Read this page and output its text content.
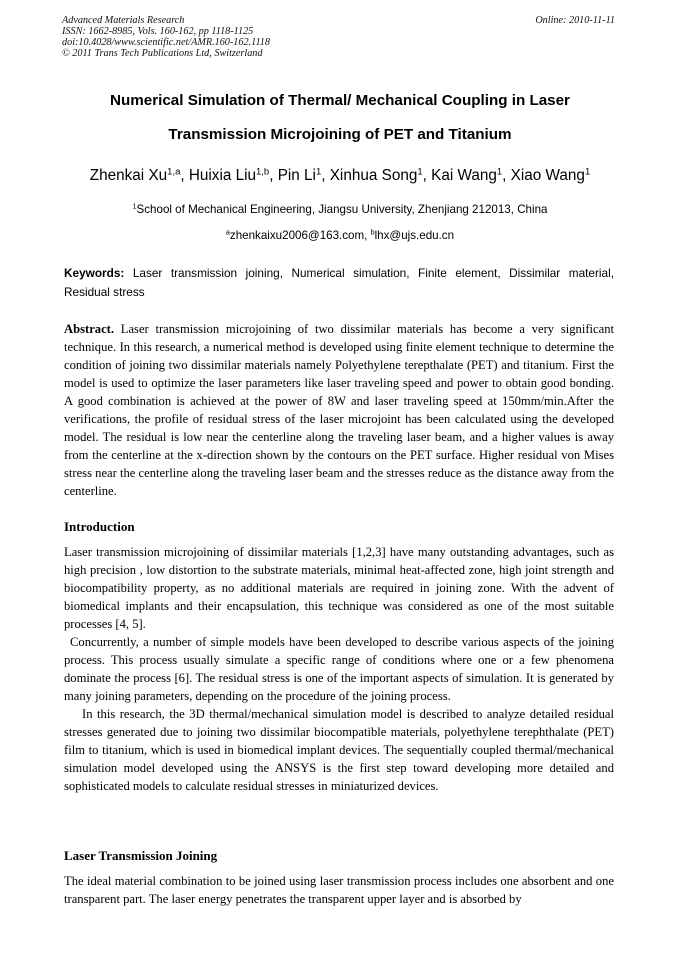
Advanced Materials Research
ISSN: 1662-8985, Vols. 160-162, pp 1118-1125
doi:10.4028/www.scientific.net/AMR.160-162.1118
© 2011 Trans Tech Publications Ltd, Switzerland
Online: 2010-11-11
Numerical Simulation of Thermal/ Mechanical Coupling in Laser
Transmission Microjoining of PET and Titanium
Zhenkai Xu$^{1,a}$, Huixia Liu$^{1,b}$, Pin Li$^1$, Xinhua Song$^1$, Kai Wang$^1$, Xiao Wang$^1$
$^1$School of Mechanical Engineering, Jiangsu University, Zhenjiang 212013, China
$^a$zhenkaixu2006@163.com, $^b$lhx@ujs.edu.cn
Keywords: Laser transmission joining, Numerical simulation, Finite element, Dissimilar material, Residual stress
Abstract. Laser transmission microjoining of two dissimilar materials has become a very significant technique. In this research, a numerical method is developed using finite element technique to determine the condition of joining two dissimilar materials namely Polyethylene terepthalate (PET) and titanium. First the model is used to optimize the laser parameters like laser traveling speed and power to obtain good bonding. A good combination is achieved at the power of 8W and laser traveling speed at 150mm/min.After the verifications, the profile of residual stress of the laser microjoint has been calculated using the developed model. The residual is low near the centerline along the traveling laser beam, and a higher values is away from the centerline at the x-direction shown by the contours on the PET surface. Higher residual von Mises stress near the centerline along the traveling laser beam and the stresses reduce as the distance away from the centerline.
Introduction

Laser transmission microjoining of dissimilar materials [1,2,3] have many outstanding advantages, such as high precision , low distortion to the substrate materials, minimal heat-affected zone, high joint strength and biocompatibility property, as no additional materials are required in joining zone. With the advent of biomedical implants and their encapsulation, this technique was considered as one of the most suitable processes [4, 5].

Concurrently, a number of simple models have been developed to describe various aspects of the joining process. This process usually simulate a specific range of conditions where one or a few phenomena dominate the process [6]. The residual stress is one of the important aspects of simulation. It is generated by many joining parameters, depending on the procedure of the joining process.

In this research, the 3D thermal/mechanical simulation model is described to analyze detailed residual stresses generated due to joining two dissimilar biocompatible materials, polyethylene terephthalate (PET) film to titanium, which is used in biomedical implant devices. The sequentially coupled thermal/mechanical simulation model developed using the ANSYS is the first step toward developing more detailed and sophisticated models to calculate residual stresses in miniaturized devices.

Laser Transmission Joining
The ideal material combination to be joined using laser transmission process includes one absorbent and one transparent part. The laser energy penetrates the transparent upper layer and is absorbed by
